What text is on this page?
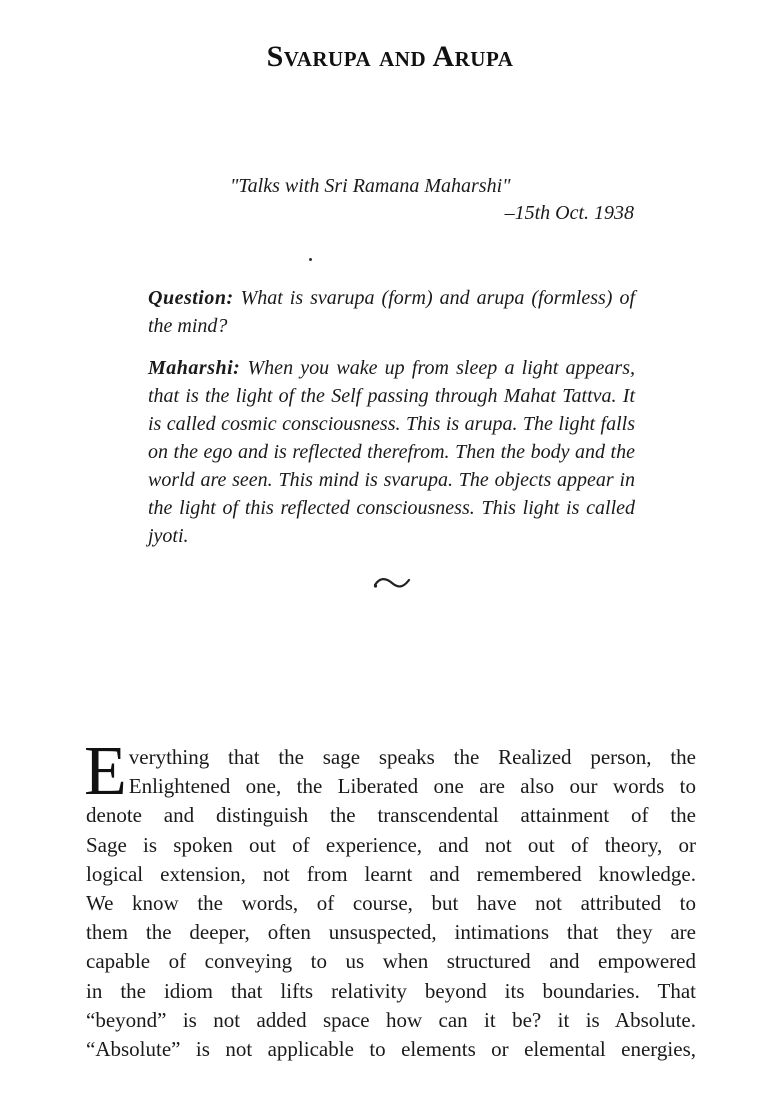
Svarupa and Arupa
"Talks with Sri Ramana Maharshi"
–15th Oct. 1938
Question: What is svarupa (form) and arupa (formless) of the mind?
Maharshi: When you wake up from sleep a light appears, that is the light of the Self passing through Mahat Tattva. It is called cosmic consciousness. This is arupa. The light falls on the ego and is reflected therefrom. Then the body and the world are seen. This mind is svarupa. The objects appear in the light of this reflected consciousness. This light is called jyoti.
E verything that the sage speaks the Realized person, the
Enlightened one, the Liberated one are also our words to
denote and distinguish the transcendental attainment of the
Sage is spoken out of experience, and not out of theory, or
logical extension, not from learnt and remembered knowledge.
We know the words, of course, but have not attributed to
them the deeper, often unsuspected, intimations that they are
capable of conveying to us when structured and empowered
in the idiom that lifts relativity beyond its boundaries. That
“beyond” is not added space how can it be? it is Absolute.
“Absolute” is not applicable to elements or elemental energies,
